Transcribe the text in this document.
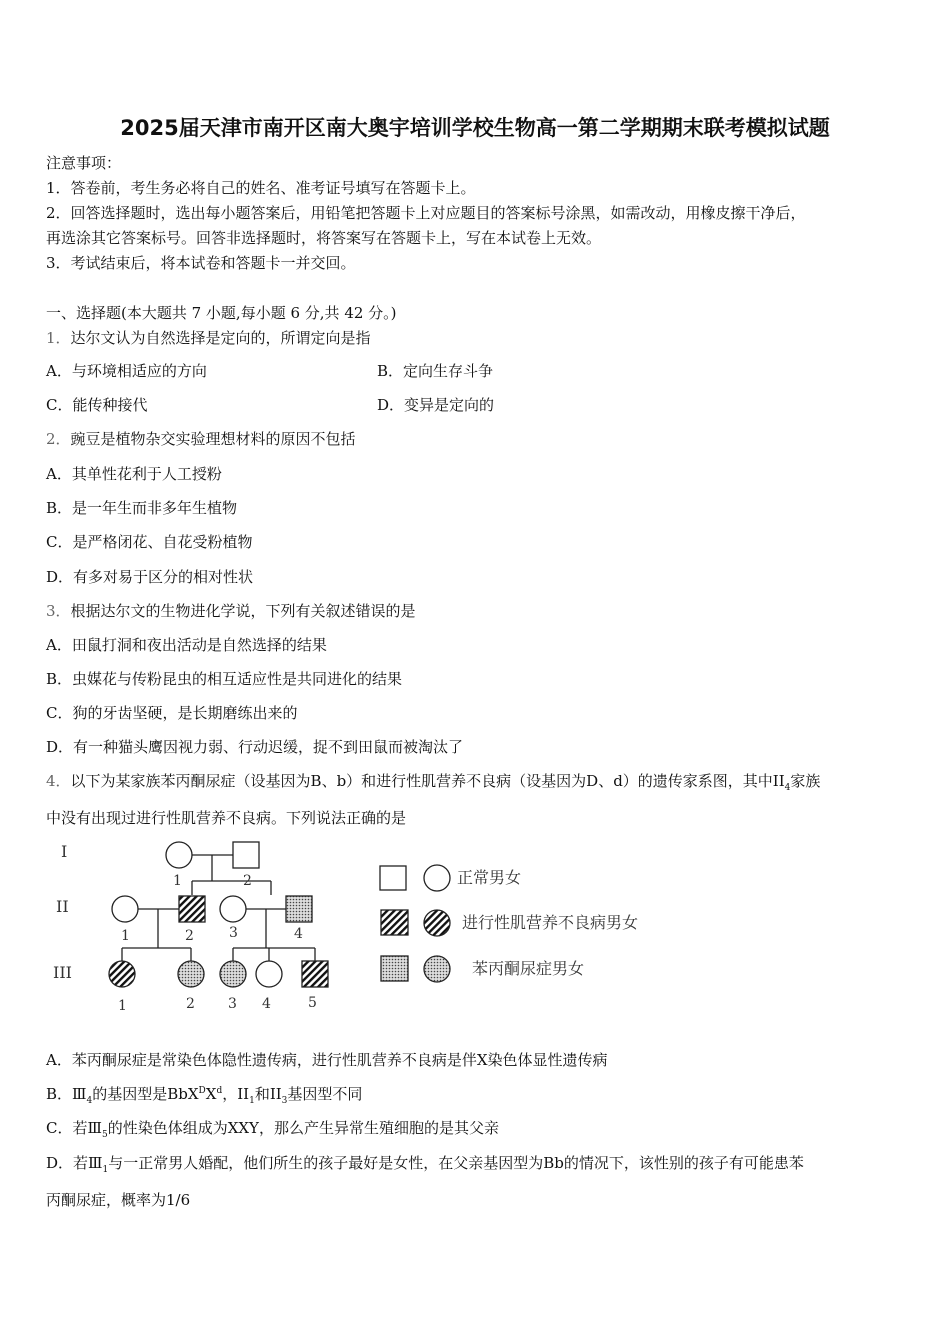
2025届天津市南开区南大奥宇培训学校生物高一第二学期期末联考模拟试题
注意事项：
1．答卷前，考生务必将自己的姓名、准考证号填写在答题卡上。
2．回答选择题时，选出每小题答案后，用铅笔把答题卡上对应题目的答案标号涂黑，如需改动，用橡皮擦干净后，
再选涂其它答案标号。回答非选择题时，将答案写在答题卡上，写在本试卷上无效。
3．考试结束后，将本试卷和答题卡一并交回。
一、选择题(本大题共 7 小题,每小题 6 分,共 42 分。)
1．达尔文认为自然选择是定向的，所谓定向是指
A．与环境相适应的方向	B．定向生存斗争
C．能传种接代	D．变异是定向的
2．豌豆是植物杂交实验理想材料的原因不包括
A．其单性花利于人工授粉
B．是一年生而非多年生植物
C．是严格闭花、自花受粉植物
D．有多对易于区分的相对性状
3．根据达尔文的生物进化学说，下列有关叙述错误的是
A．田鼠打洞和夜出活动是自然选择的结果
B．虫媒花与传粉昆虫的相互适应性是共同进化的结果
C．狗的牙齿坚硬，是长期磨练出来的
D．有一种猫头鹰因视力弱、行动迟缓，捉不到田鼠而被淘汰了
4．以下为某家族苯丙酮尿症（设基因为B、b）和进行性肌营养不良病（设基因为D、d）的遗传家系图，其中$II_4$家族
中没有出现过进行性肌营养不良病。下列说法正确的是
I
II
III
1	2
1	2	3	4
1	2 3 4	5
正常男女
进行性肌营养不良病男女
苯丙酮尿症男女
A．苯丙酮尿症是常染色体隐性遗传病，进行性肌营养不良病是伴X染色体显性遗传病
B．$Ⅲ_4$的基因型是$BbX^DX^d$，$II_1$和$II_3$基因型不同
C．若$Ⅲ_5$的性染色体组成为XXY，那么产生异常生殖细胞的是其父亲
D．若$Ⅲ_1$与一正常男人婚配，他们所生的孩子最好是女性，在父亲基因型为Bb的情况下，该性别的孩子有可能患苯
丙酮尿症，概率为1/6
